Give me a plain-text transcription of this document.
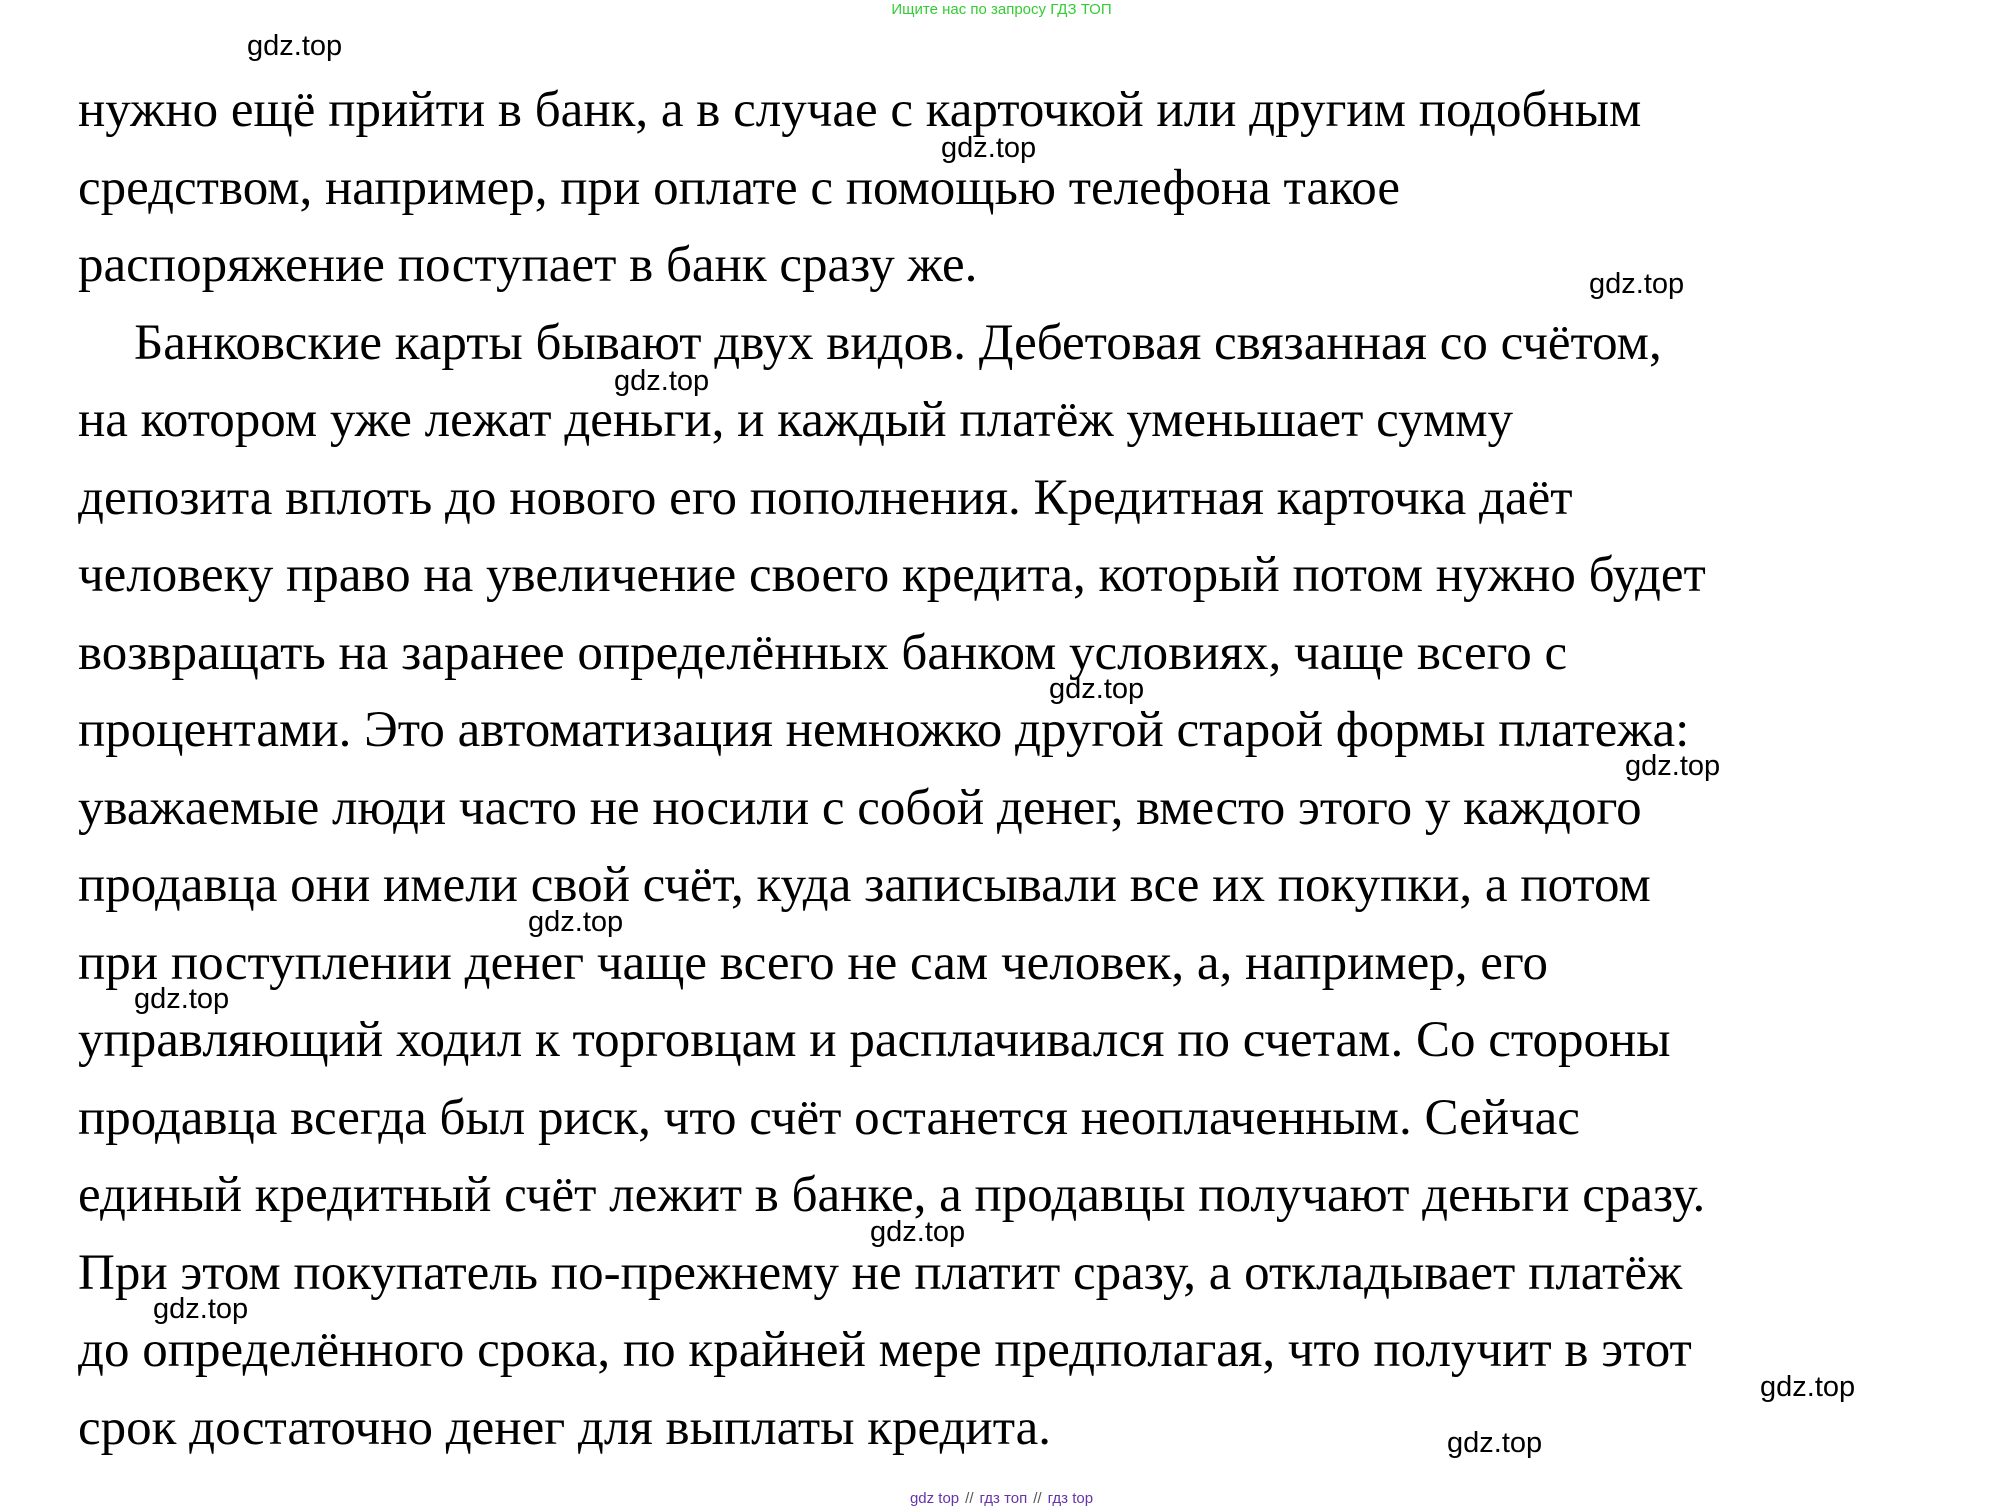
Ищите нас по запросу ГДЗ ТОП
нужно ещё прийти в банк, а в случае с карточкой или другим подобным
средством, например, при оплате с помощью телефона такое
распоряжение поступает в банк сразу же.
Банковские карты бывают двух видов. Дебетовая связанная со счётом,
на котором уже лежат деньги, и каждый платёж уменьшает сумму
депозита вплоть до нового его пополнения. Кредитная карточка даёт
человеку право на увеличение своего кредита, который потом нужно будет
возвращать на заранее определённых банком условиях, чаще всего с
процентами. Это автоматизация немножко другой старой формы платежа:
уважаемые люди часто не носили с собой денег, вместо этого у каждого
продавца они имели свой счёт, куда записывали все их покупки, а потом
при поступлении денег чаще всего не сам человек, а, например, его
управляющий ходил к торговцам и расплачивался по счетам. Со стороны
продавца всегда был риск, что счёт останется неоплаченным. Сейчас
единый кредитный счёт лежит в банке, а продавцы получают деньги сразу.
При этом покупатель по-прежнему не платит сразу, а откладывает платёж
до определённого срока, по крайней мере предполагая, что получит в этот
срок достаточно денег для выплаты кредита.
gdz.top
gdz.top
gdz.top
gdz.top
gdz.top
gdz.top
gdz.top
gdz.top
gdz.top
gdz.top
gdz.top
gdz.top
gdz top // гдз топ // гдз top
